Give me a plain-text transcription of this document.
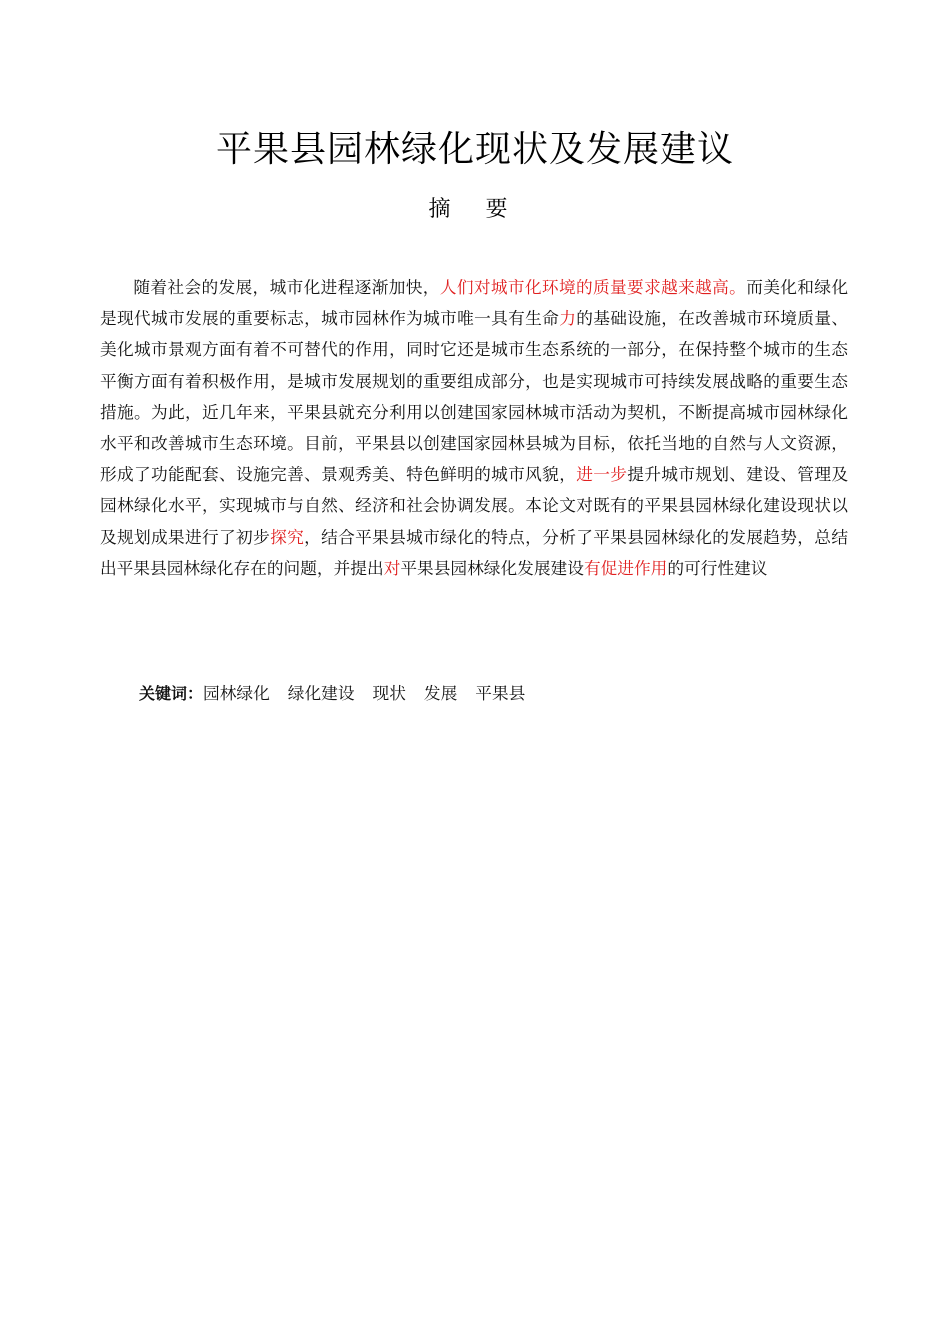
平果县园林绿化现状及发展建议
摘 要

随着社会的发展，城市化进程逐渐加快，人们对城市化环境的质量要求越来越高。而美化和绿化是现代城市发展的重要标志，城市园林作为城市唯一具有生命力的基础设施，在改善城市环境质量、美化城市景观方面有着不可替代的作用，同时它还是城市生态系统的一部分，在保持整个城市的生态平衡方面有着积极作用，是城市发展规划的重要组成部分，也是实现城市可持续发展战略的重要生态措施。为此，近几年来，平果县就充分利用以创建国家园林城市活动为契机，不断提高城市园林绿化水平和改善城市生态环境。目前，平果县以创建国家园林县城为目标，依托当地的自然与人文资源，形成了功能配套、设施完善、景观秀美、特色鲜明的城市风貌，进一步提升城市规划、建设、管理及园林绿化水平，实现城市与自然、经济和社会协调发展。本论文对既有的平果县园林绿化建设现状以及规划成果进行了初步探究，结合平果县城市绿化的特点，分析了平果县园林绿化的发展趋势，总结出平果县园林绿化存在的问题，并提出对平果县园林绿化发展建设有促进作用的可行性建议

关键词：园林绿化 绿化建设 现状 发展 平果县
